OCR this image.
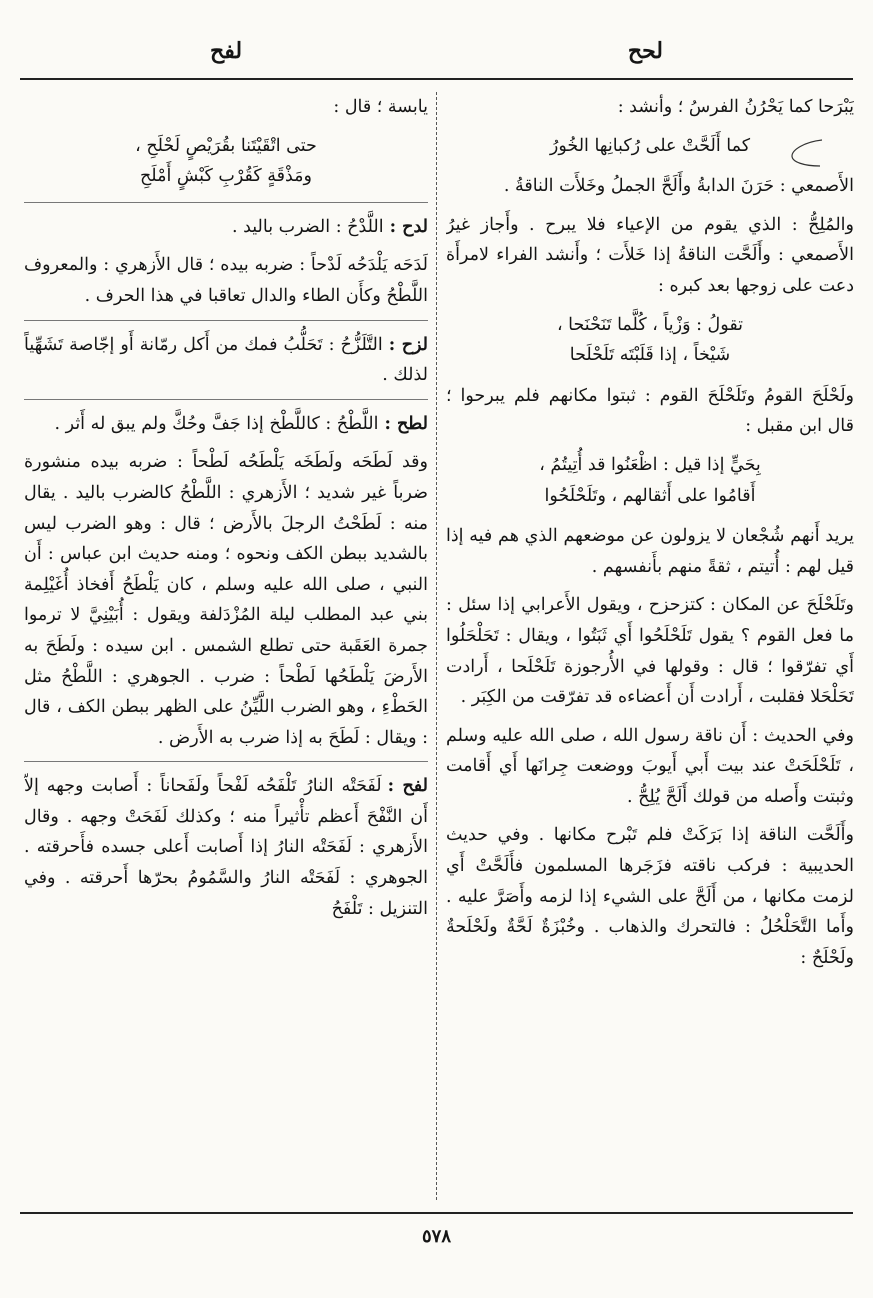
لحح
لفح

يَبْرَحا كما يَحْرُنُ الفرسُ ؛ وأنشد :

كما أَلَحَّتْ على رُكبانِها الخُورُ

الأَصمعي : حَرَنَ الدابةُ وأَلَحَّ الجملُ وخَلأَت الناقةُ .

والمُلِحُّ : الذي يقوم من الإعياء فلا يبرح . وأَجاز غيرُ الأَصمعي : وأَلَحَّت الناقةُ إذا خَلأَت ؛ وأَنشد الفراء لامرأَة دعت على زوجها بعد كبره :

تقولُ : وَزْياً ، كُلَّما تَنَحْنَحا ،

شَيْخاً ، إذا قَلَبْتَه تَلَحْلَحا

ولَحْلَحَ القومُ وتَلَحْلَحَ القوم : ثبتوا مكانهم فلم يبرحوا ؛ قال ابن مقبل :

بِحَيٍّ إذا قيل : اظْعَنُوا قد أُتِيتُمُ ،

أَقامُوا على أَثقالهم ، وتَلَحْلَحُوا

يريد أَنهم شُجْعان لا يزولون عن موضعهم الذي هم فيه إذا قيل لهم : أُتيتم ، ثقةً منهم بأَنفسهم .

وتَلَحْلَحَ عن المكان : كتزحزح ، ويقول الأَعرابي إذا سئل : ما فعل القوم ؟ يقول تَلَحْلَحُوا أَي ثَبَتُوا ، ويقال : تَحَلْحَلُوا أَي تفرّقوا ؛ قال : وقولها في الأُرجوزة تَلَحْلَحا ، أَرادت تَحَلْحَلا فقلبت ، أَرادت أَن أَعضاءه قد تفرّقت من الكِبَر .

وفي الحديث : أَن ناقة رسول الله ، صلى الله عليه وسلم ، تَلَحْلَحَتْ عند بيت أَبي أَيوبَ ووضعت جِرانَها أَي أَقامت وثبتت وأَصله من قولك أَلَحَّ يُلِحُّ .

وأَلَحَّت الناقة إذا بَرَكَتْ فلم تَبْرح مكانها . وفي حديث الحديبية : فركب ناقته فزَجَرها المسلمون فأَلَحَّتْ أَي لزمت مكانها ، من أَلَحَّ على الشيء إذا لزمه وأَصَرَّ عليه . وأَما التَّحَلْحُلُ : فالتحرك والذهاب . وخُبْزَةٌ لَحَّةٌ ولَحْلَحةٌ ولَحْلَحٌ :

يابسة ؛ قال :

حتى اتْقَيْتَنا بقُرَيْصٍ لَحْلَحِ ،

ومَذْقَةٍ كَقُرْبِ كَبْشٍ أَمْلَحِ

لدح :اللَّدْحُ : الضرب باليد .

لَدَحَه يَلْدَحُه لَدْحاً : ضربه بيده ؛ قال الأَزهري : والمعروف اللَّطْحُ وكأَن الطاء والدال تعاقبا في هذا الحرف .

لزح :التَّلَزُّحُ : تَحَلُّبُ فمك من أَكل رمّانة أَو إجّاصة تَشَهِّياً لذلك .

لطح :اللَّطْحُ : كاللَّطْخ إذا جَفَّ وحُكَّ ولم يبق له أَثر .

وقد لَطَحَه ولَطَخَه يَلْطَحُه لَطْحاً : ضربه بيده منشورة ضرباً غير شديد ؛ الأَزهري : اللَّطْحُ كالضرب باليد . يقال منه : لَطَحْتُ الرجلَ بالأَرض ؛ قال : وهو الضرب ليس بالشديد ببطن الكف ونحوه ؛ ومنه حديث ابن عباس : أَن النبي ، صلى الله عليه وسلم ، كان يَلْطَحُ أَفخاذ أُغَيْلِمة بني عبد المطلب ليلة المُزْدَلفة ويقول : أُبَيْنِيَّ لا ترموا جمرة العَقَبة حتى تطلع الشمس . ابن سيده : ولَطَحَ به الأَرضَ يَلْطَحُها لَطْحاً : ضرب . الجوهري : اللَّطْحُ مثل الحَطْءِ ، وهو الضرب اللَّيِّنُ على الظهر ببطن الكف ، قال : ويقال : لَطَحَ به إذا ضرب به الأَرض .

لفح :لَفَحَتْه النارُ تَلْفَحُه لَفْحاً ولَفَحاناً : أَصابت وجهه إلاّ أَن النَّفْحَ أَعظم تأْثيراً منه ؛ وكذلك لَفَحَتْ وجهه . وقال الأَزهري : لَفَحَتْه النارُ إذا أَصابت أَعلى جسده فأَحرقته . الجوهري : لَفَحَتْه النارُ والسَّمُومُ بحرّها أَحرقته . وفي التنزيل : تَلْفَحُ

٥٧٨
